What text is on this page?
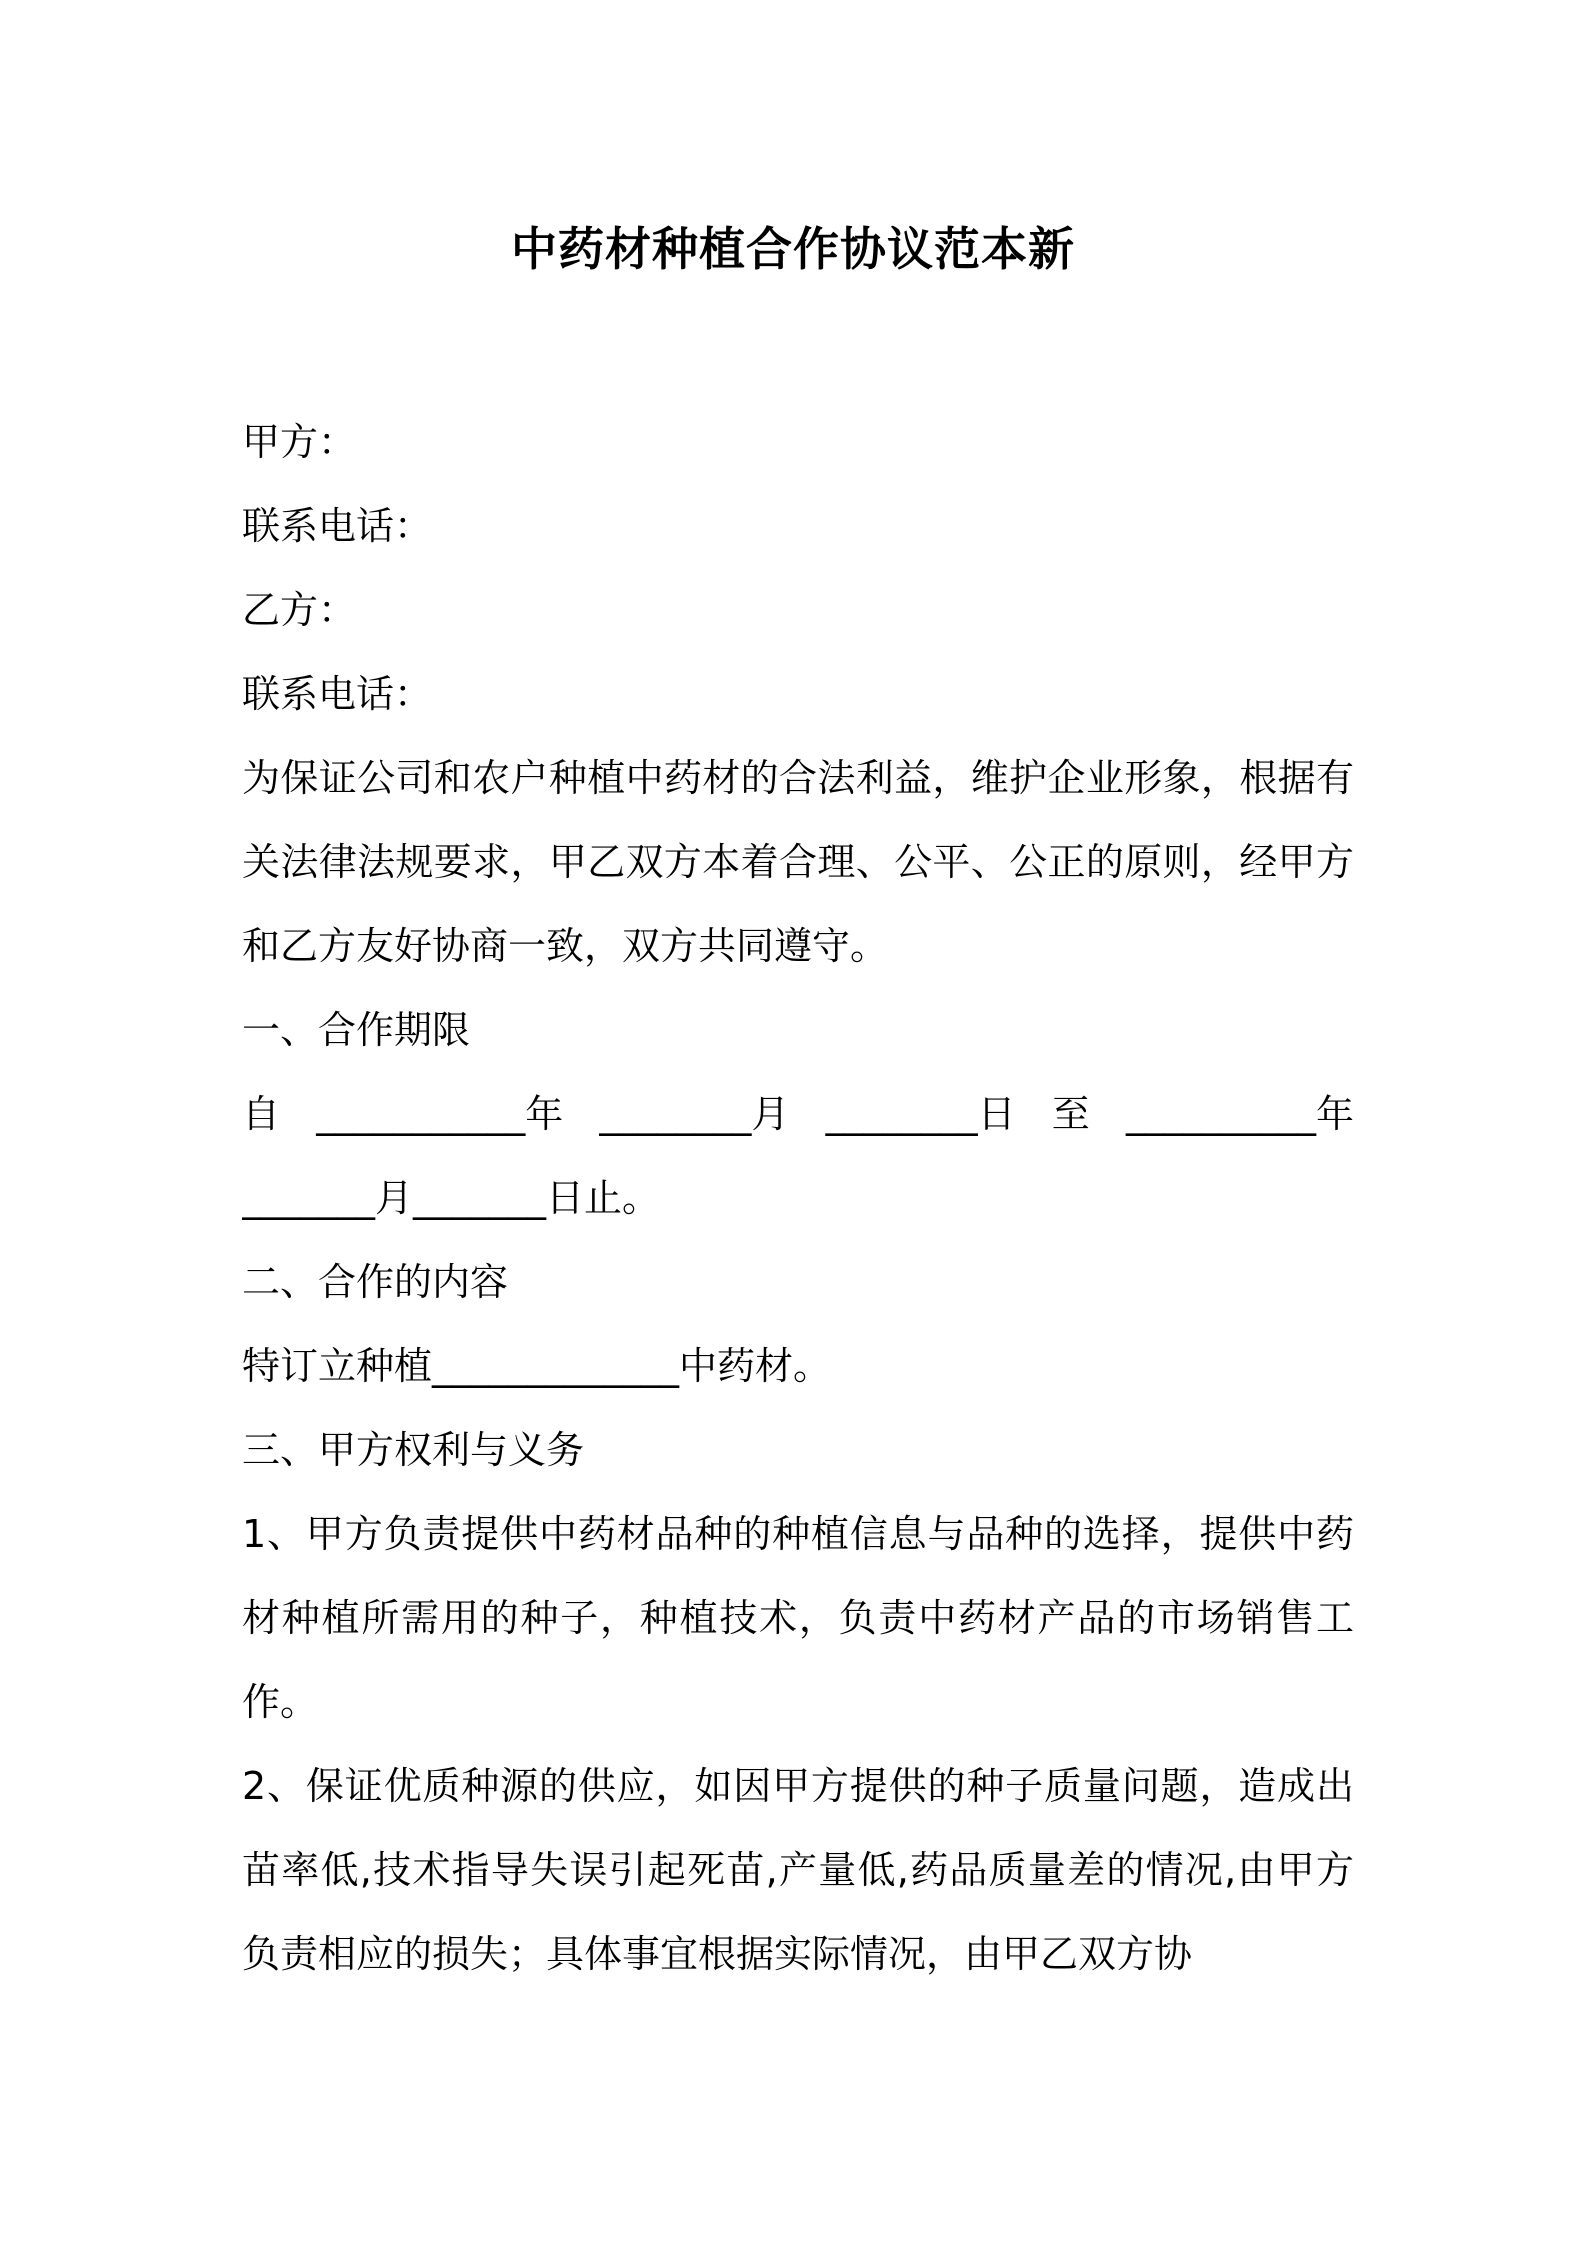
中药材种植合作协议范本新
甲方：
联系电话：
乙方：
联系电话：
为保证公司和农户种植中药材的合法利益，维护企业形象，根据有关法律法规要求，甲乙双方本着合理、公平、公正的原则，经甲方和乙方友好协商一致，双方共同遵守。
一、合作期限
自 ___________年 ________月 ________日 至 __________年
_______月_______日止。
二、合作的内容
特订立种植_____________中药材。
三、甲方权利与义务
1、甲方负责提供中药材品种的种植信息与品种的选择，提供中药材种植所需用的种子，种植技术，负责中药材产品的市场销售工作。
2、保证优质种源的供应，如因甲方提供的种子质量问题，造成出苗率低,技术指导失误引起死苗,产量低,药品质量差的情况,由甲方负责相应的损失；具体事宜根据实际情况，由甲乙双方协
